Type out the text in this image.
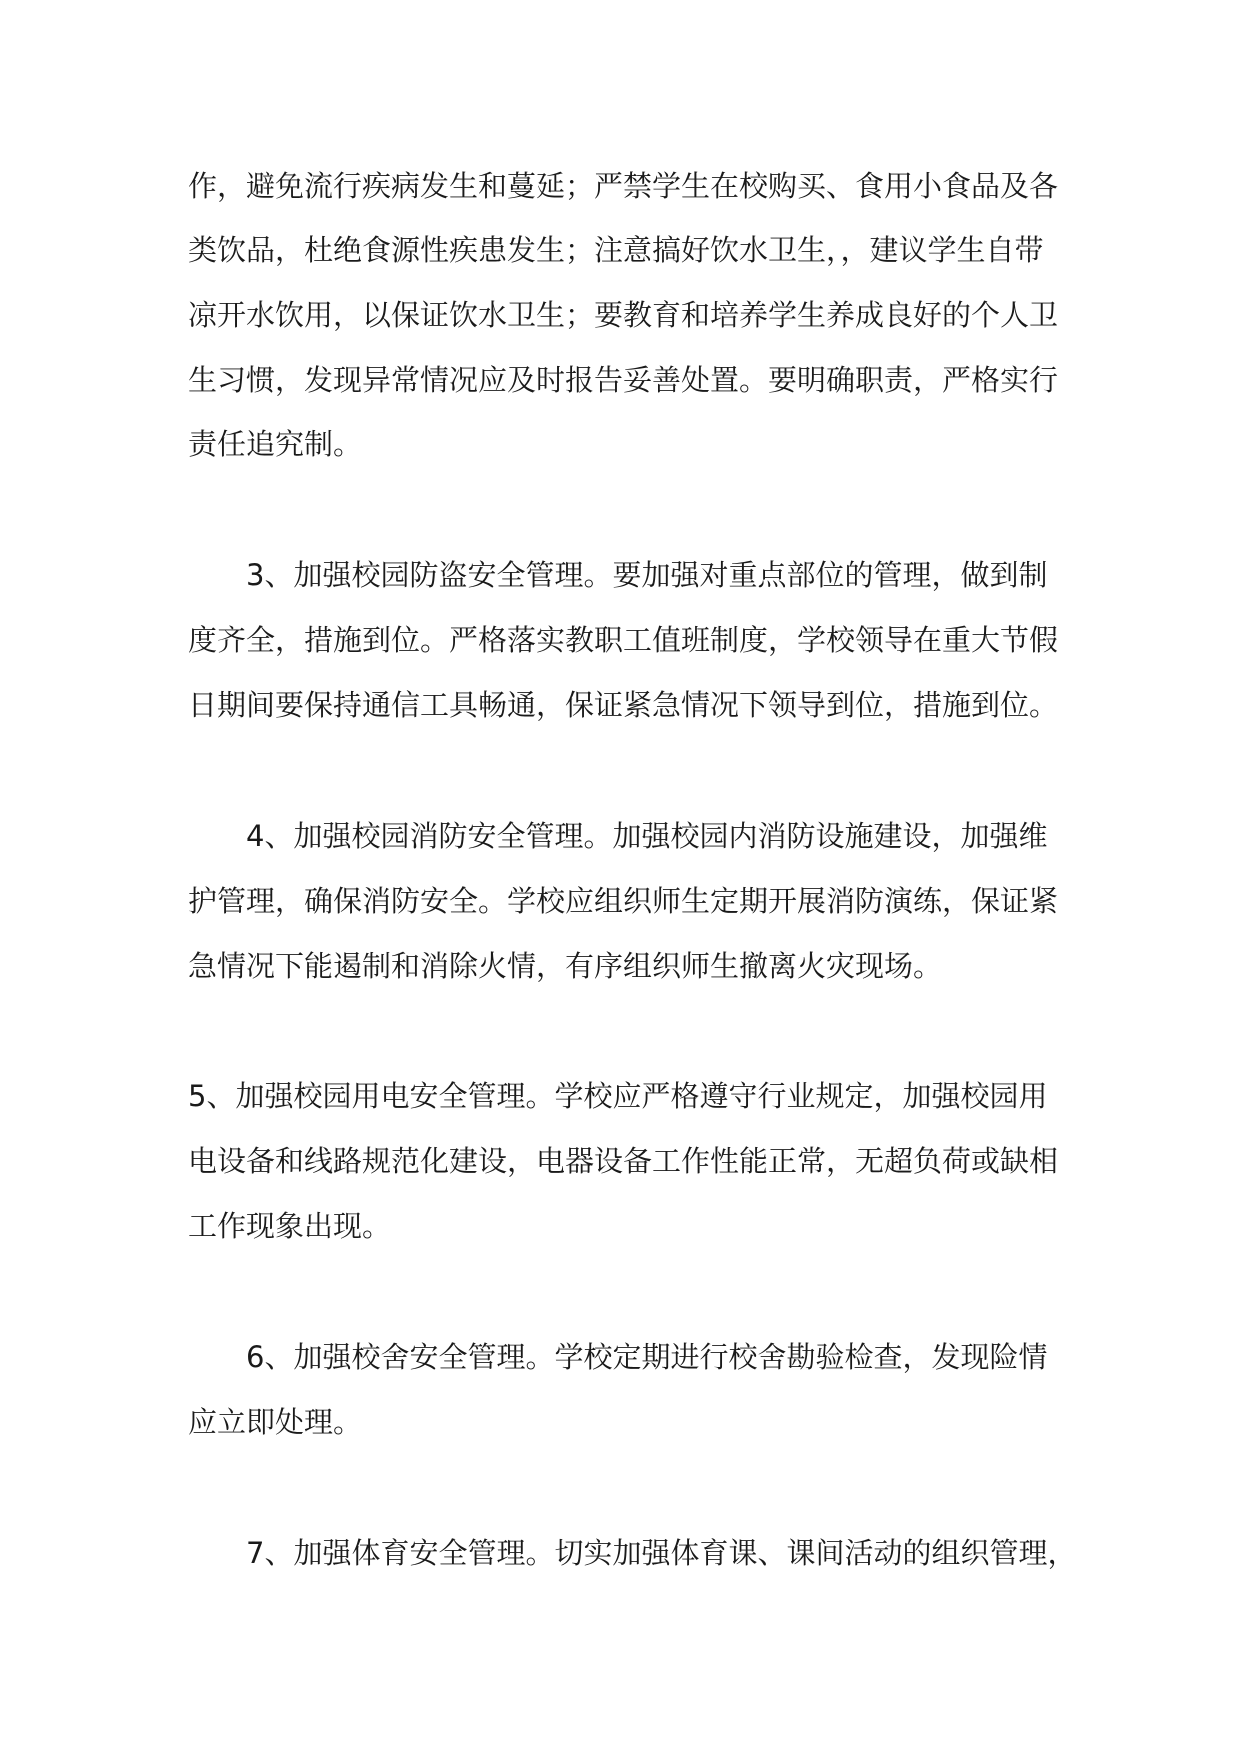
作，避免流行疾病发生和蔓延；严禁学生在校购买、食用小食品及各
类饮品，杜绝食源性疾患发生；注意搞好饮水卫生，，建议学生自带
凉开水饮用，以保证饮水卫生；要教育和培养学生养成良好的个人卫
生习惯，发现异常情况应及时报告妥善处置。要明确职责，严格实行
责任追究制。
3、加强校园防盗安全管理。要加强对重点部位的管理，做到制
度齐全，措施到位。严格落实教职工值班制度，学校领导在重大节假
日期间要保持通信工具畅通，保证紧急情况下领导到位，措施到位。
4、加强校园消防安全管理。加强校园内消防设施建设，加强维
护管理，确保消防安全。学校应组织师生定期开展消防演练，保证紧
急情况下能遏制和消除火情，有序组织师生撤离火灾现场。
5、加强校园用电安全管理。学校应严格遵守行业规定，加强校园用
电设备和线路规范化建设，电器设备工作性能正常，无超负荷或缺相
工作现象出现。
6、加强校舍安全管理。学校定期进行校舍勘验检查，发现险情
应立即处理。
7、加强体育安全管理。切实加强体育课、课间活动的组织管理，
